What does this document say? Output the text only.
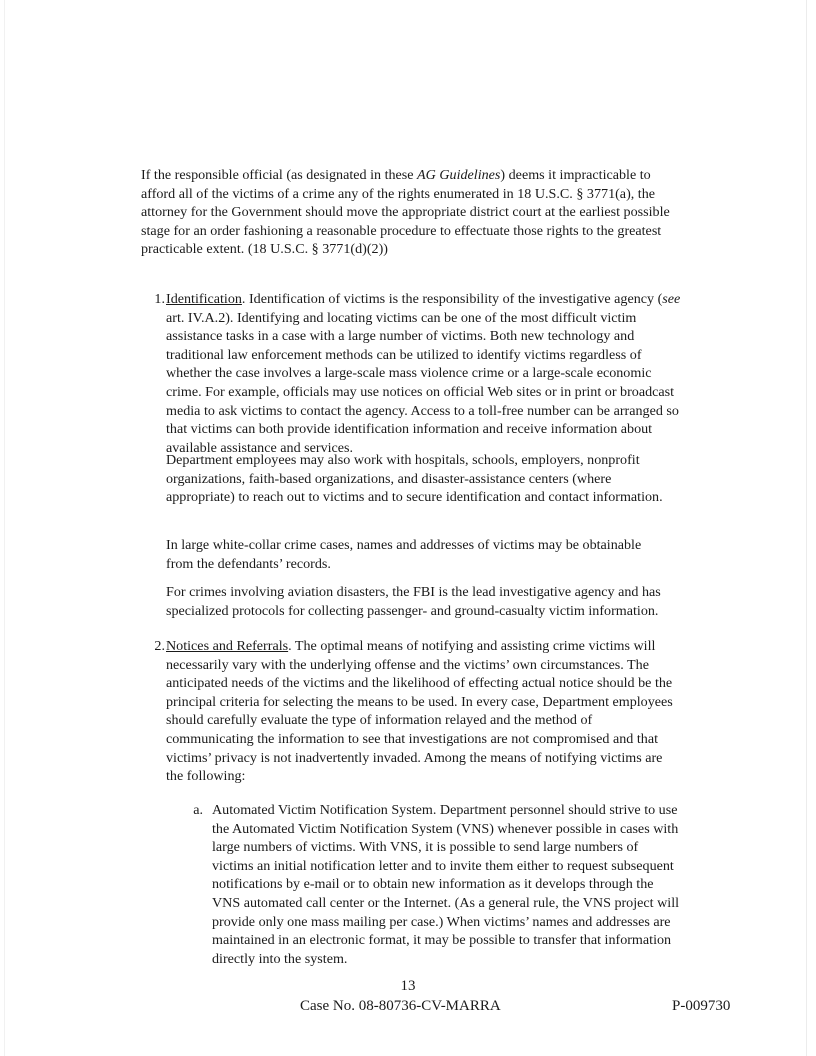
If the responsible official (as designated in these AG Guidelines) deems it impracticable to afford all of the victims of a crime any of the rights enumerated in 18 U.S.C. § 3771(a), the attorney for the Government should move the appropriate district court at the earliest possible stage for an order fashioning a reasonable procedure to effectuate those rights to the greatest practicable extent. (18 U.S.C. § 3771(d)(2))
1. Identification. Identification of victims is the responsibility of the investigative agency (see art. IV.A.2). Identifying and locating victims can be one of the most difficult victim assistance tasks in a case with a large number of victims. Both new technology and traditional law enforcement methods can be utilized to identify victims regardless of whether the case involves a large-scale mass violence crime or a large-scale economic crime. For example, officials may use notices on official Web sites or in print or broadcast media to ask victims to contact the agency. Access to a toll-free number can be arranged so that victims can both provide identification information and receive information about available assistance and services.

Department employees may also work with hospitals, schools, employers, nonprofit organizations, faith-based organizations, and disaster-assistance centers (where appropriate) to reach out to victims and to secure identification and contact information.

In large white-collar crime cases, names and addresses of victims may be obtainable from the defendants’ records.

For crimes involving aviation disasters, the FBI is the lead investigative agency and has specialized protocols for collecting passenger- and ground-casualty victim information.

2. Notices and Referrals. The optimal means of notifying and assisting crime victims will necessarily vary with the underlying offense and the victims’ own circumstances. The anticipated needs of the victims and the likelihood of effecting actual notice should be the principal criteria for selecting the means to be used. In every case, Department employees should carefully evaluate the type of information relayed and the method of communicating the information to see that investigations are not compromised and that victims’ privacy is not inadvertently invaded. Among the means of notifying victims are the following:

a. Automated Victim Notification System. Department personnel should strive to use the Automated Victim Notification System (VNS) whenever possible in cases with large numbers of victims. With VNS, it is possible to send large numbers of victims an initial notification letter and to invite them either to request subsequent notifications by e-mail or to obtain new information as it develops through the VNS automated call center or the Internet. (As a general rule, the VNS project will provide only one mass mailing per case.) When victims’ names and addresses are maintained in an electronic format, it may be possible to transfer that information directly into the system.

13
Case No. 08-80736-CV-MARRA	P-009730
